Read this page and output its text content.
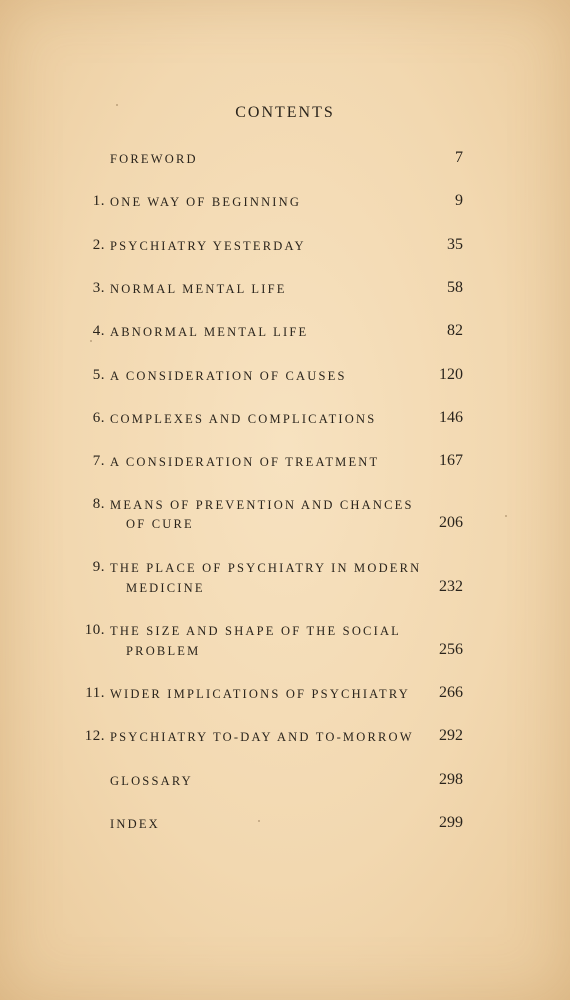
CONTENTS
FOREWORD	7
1. ONE WAY OF BEGINNING	9
2. PSYCHIATRY YESTERDAY	35
3. NORMAL MENTAL LIFE	58
4. ABNORMAL MENTAL LIFE	82
5. A CONSIDERATION OF CAUSES	120
6. COMPLEXES AND COMPLICATIONS	146
7. A CONSIDERATION OF TREATMENT	167
8. MEANS OF PREVENTION AND CHANCES
OF CURE	206
9. THE PLACE OF PSYCHIATRY IN MODERN
MEDICINE	232
10. THE SIZE AND SHAPE OF THE SOCIAL
PROBLEM	256
11. WIDER IMPLICATIONS OF PSYCHIATRY 266
12. PSYCHIATRY TO-DAY AND TO-MORROW 292
GLOSSARY	298
INDEX	299
